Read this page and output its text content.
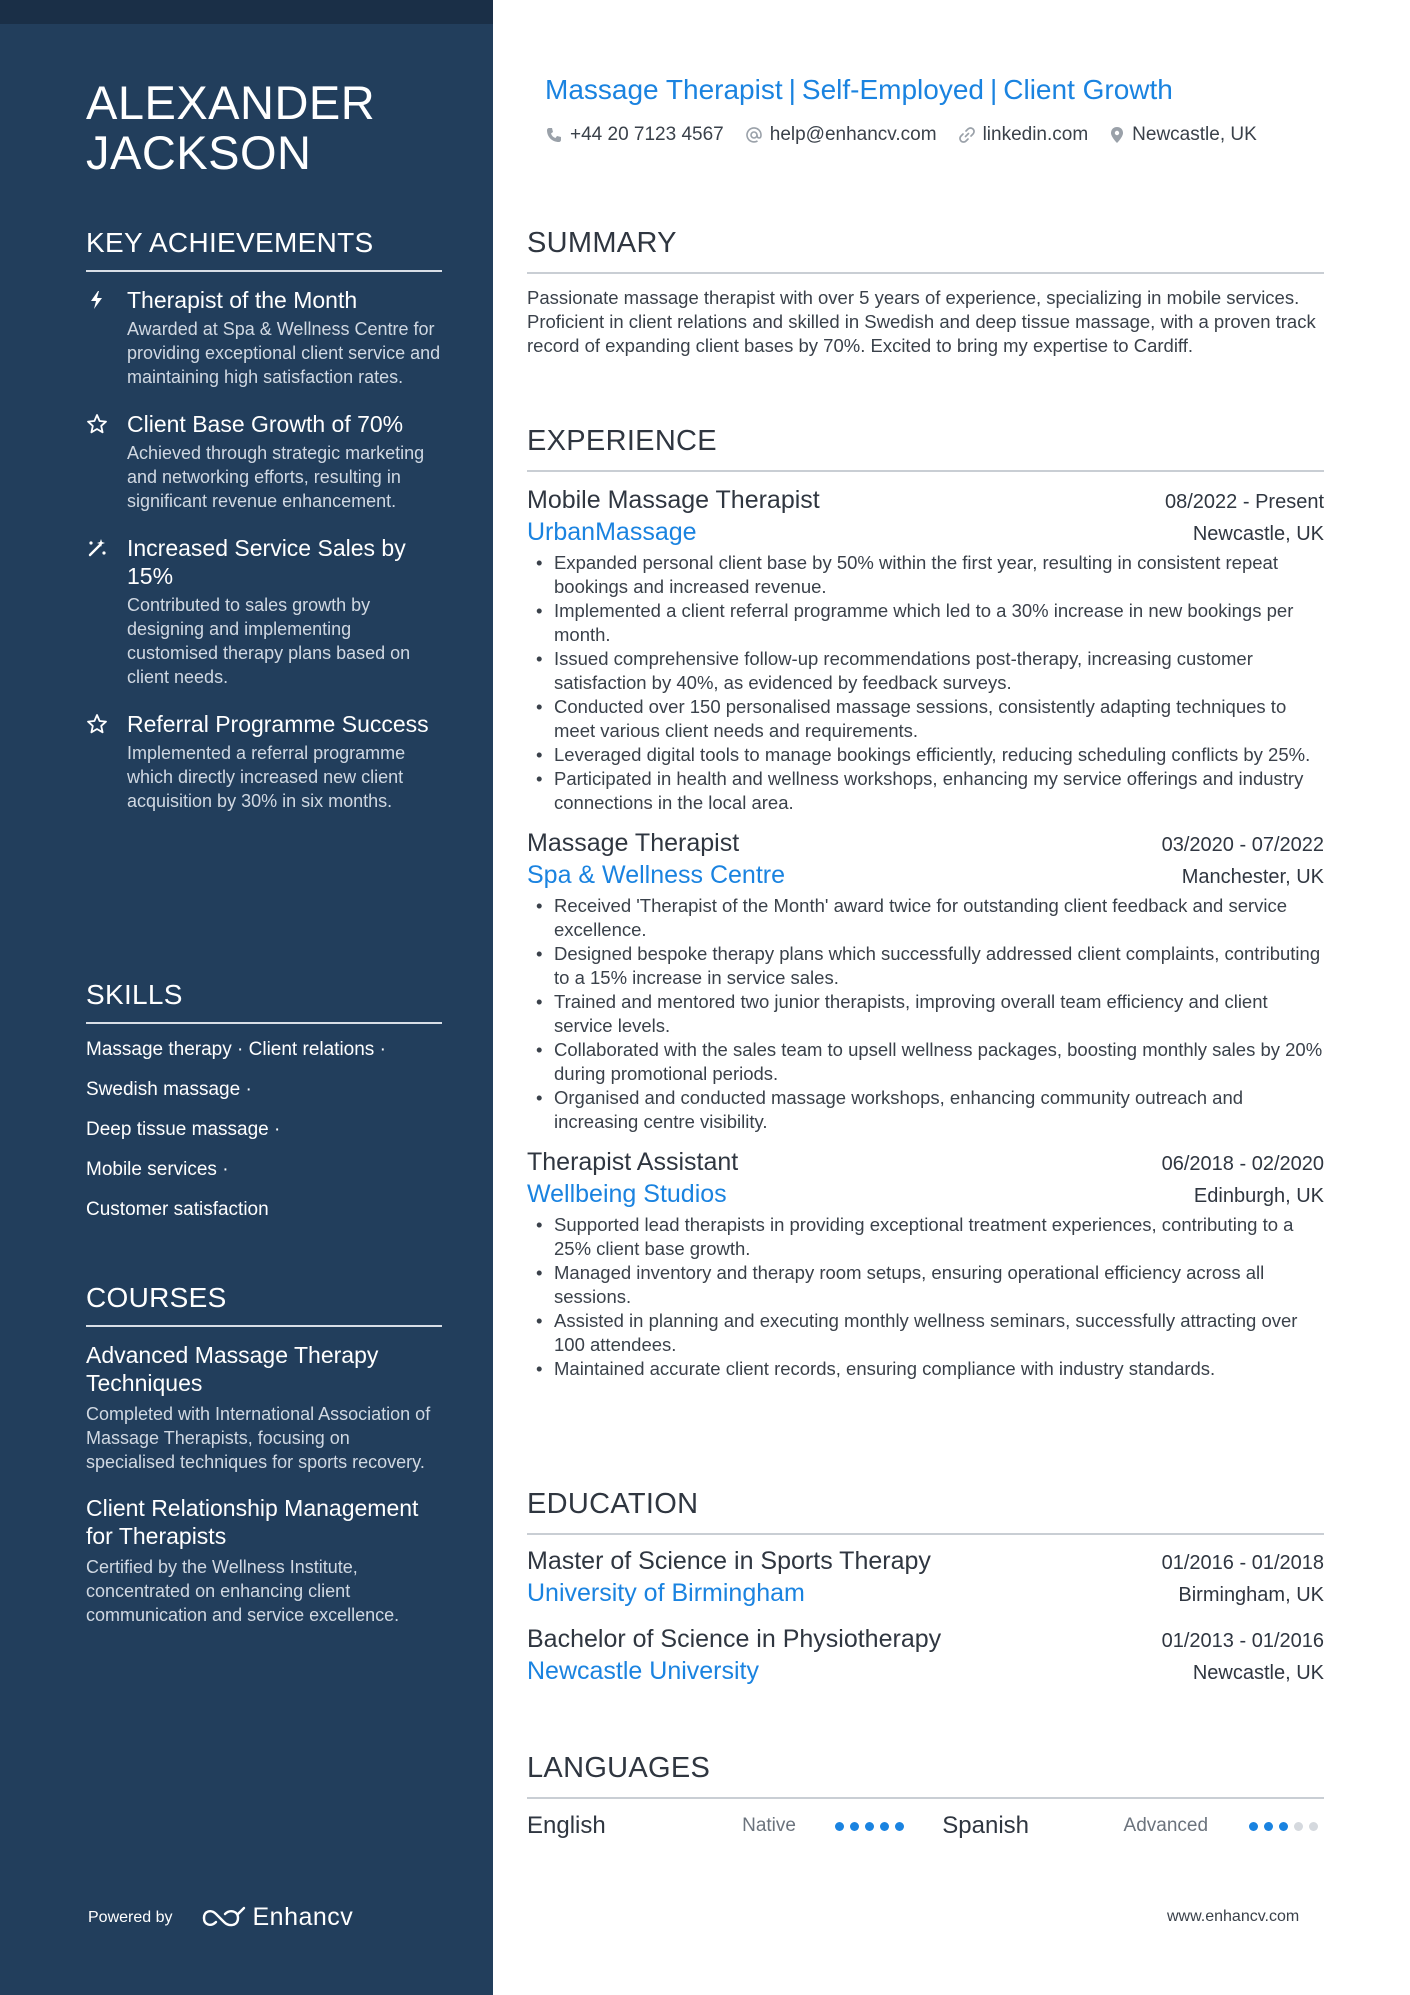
ALEXANDER
JACKSON
KEY ACHIEVEMENTS
Therapist of the Month
Awarded at Spa & Wellness Centre for providing exceptional client service and maintaining high satisfaction rates.
Client Base Growth of 70%
Achieved through strategic marketing and networking efforts, resulting in significant revenue enhancement.
Increased Service Sales by 15%
Contributed to sales growth by designing and implementing customised therapy plans based on client needs.
Referral Programme Success
Implemented a referral programme which directly increased new client acquisition by 30% in six months.
SKILLS
Massage therapy · Client relations ·
Swedish massage ·
Deep tissue massage ·
Mobile services ·
Customer satisfaction
COURSES
Advanced Massage Therapy Techniques
Completed with International Association of Massage Therapists, focusing on specialised techniques for sports recovery.
Client Relationship Management for Therapists
Certified by the Wellness Institute, concentrated on enhancing client communication and service excellence.
Powered by	Enhancv
Massage Therapist | Self-Employed | Client Growth
+44 20 7123 4567 help@enhancv.com linkedin.com Newcastle, UK
SUMMARY
Passionate massage therapist with over 5 years of experience, specializing in mobile services. Proficient in client relations and skilled in Swedish and deep tissue massage, with a proven track record of expanding client bases by 70%. Excited to bring my expertise to Cardiff.
EXPERIENCE
Mobile Massage Therapist	08/2022 - Present
UrbanMassage	Newcastle, UK
• Expanded personal client base by 50% within the first year, resulting in consistent repeat bookings and increased revenue.
• Implemented a client referral programme which led to a 30% increase in new bookings per month.
• Issued comprehensive follow-up recommendations post-therapy, increasing customer satisfaction by 40%, as evidenced by feedback surveys.
• Conducted over 150 personalised massage sessions, consistently adapting techniques to meet various client needs and requirements.
• Leveraged digital tools to manage bookings efficiently, reducing scheduling conflicts by 25%.
• Participated in health and wellness workshops, enhancing my service offerings and industry connections in the local area.
Massage Therapist	03/2020 - 07/2022
Spa & Wellness Centre	Manchester, UK
• Received 'Therapist of the Month' award twice for outstanding client feedback and service excellence.
• Designed bespoke therapy plans which successfully addressed client complaints, contributing to a 15% increase in service sales.
• Trained and mentored two junior therapists, improving overall team efficiency and client service levels.
• Collaborated with the sales team to upsell wellness packages, boosting monthly sales by 20% during promotional periods.
• Organised and conducted massage workshops, enhancing community outreach and increasing centre visibility.
Therapist Assistant	06/2018 - 02/2020
Wellbeing Studios	Edinburgh, UK
• Supported lead therapists in providing exceptional treatment experiences, contributing to a 25% client base growth.
• Managed inventory and therapy room setups, ensuring operational efficiency across all sessions.
• Assisted in planning and executing monthly wellness seminars, successfully attracting over 100 attendees.
• Maintained accurate client records, ensuring compliance with industry standards.
EDUCATION
Master of Science in Sports Therapy	01/2016 - 01/2018
University of Birmingham	Birmingham, UK
Bachelor of Science in Physiotherapy	01/2013 - 01/2016
Newcastle University	Newcastle, UK
LANGUAGES
English	Native	Spanish	Advanced
www.enhancv.com
